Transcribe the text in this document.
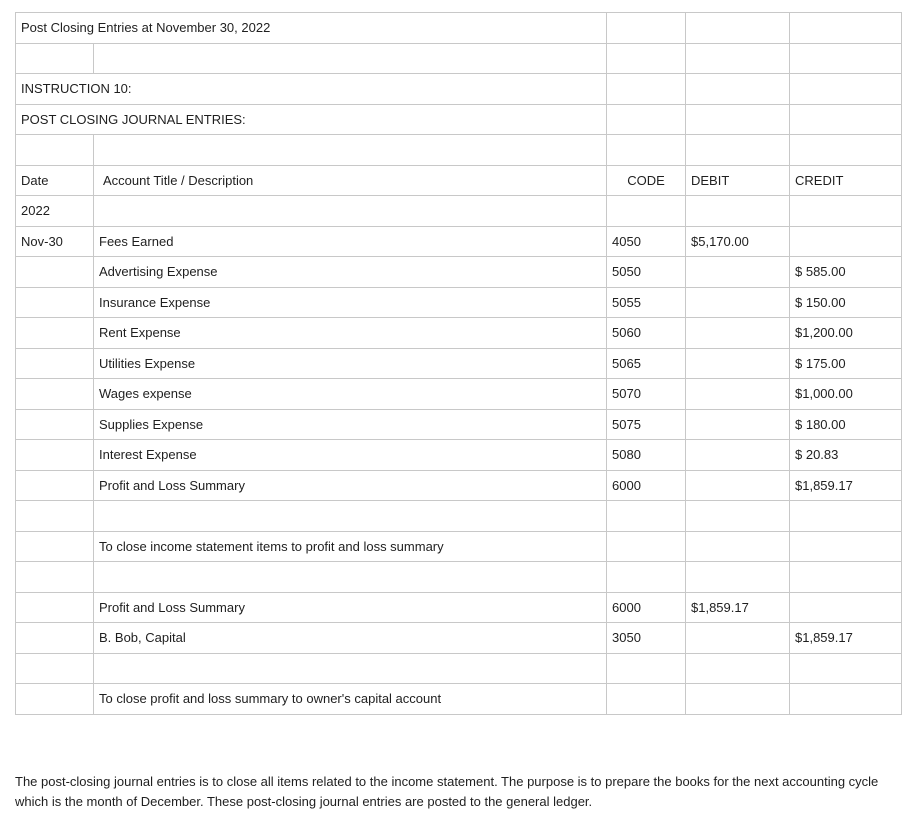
Post Closing Entries at November 30, 2022				

INSTRUCTION 10:				
POST CLOSING JOURNAL ENTRIES:				

Date	Account Title / Description	CODE	DEBIT	CREDIT
2022				
Nov-30	Fees Earned	4050	$5,170.00	
	Advertising Expense	5050		$ 585.00
	Insurance Expense	5055		$ 150.00
	Rent Expense	5060		$1,200.00
	Utilities Expense	5065		$ 175.00
	Wages expense	5070		$1,000.00
	Supplies Expense	5075		$ 180.00
	Interest Expense	5080		$ 20.83
	Profit and Loss Summary	6000		$1,859.17

	To close income statement items to profit and loss summary			

	Profit and Loss Summary	6000	$1,859.17	
	B. Bob, Capital	3050		$1,859.17

	To close profit and loss summary to owner's capital account			

The post-closing journal entries is to close all items related to the income statement. The purpose is to prepare the books for the next accounting cycle which is the month of December. These post-closing journal entries are posted to the general ledger.
